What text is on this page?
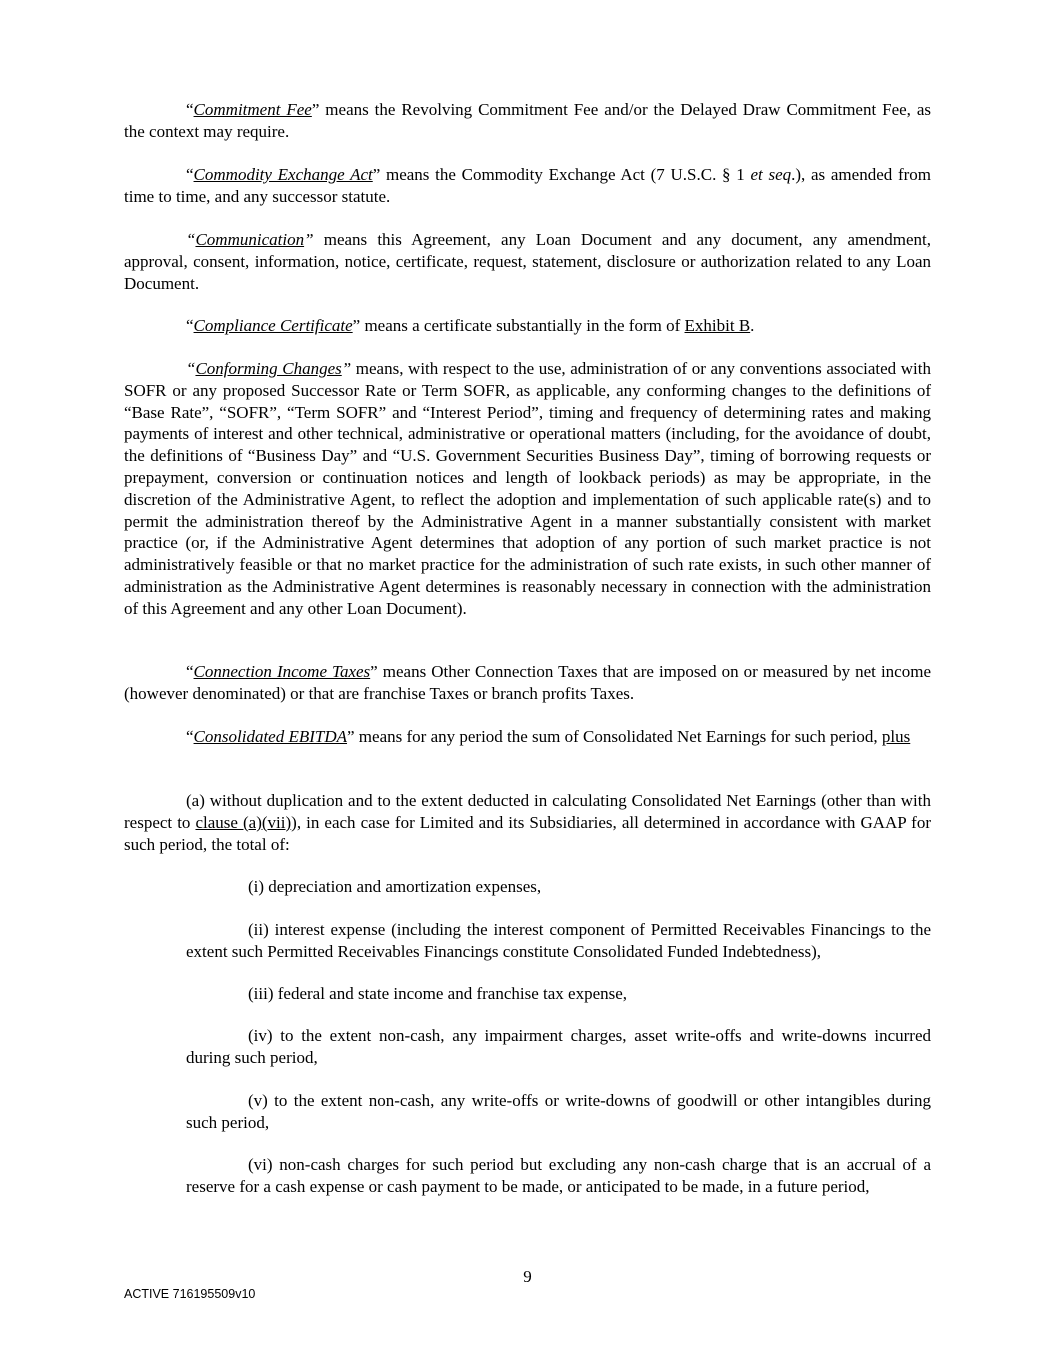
“Commitment Fee” means the Revolving Commitment Fee and/or the Delayed Draw Commitment Fee, as the context may require.

“Commodity Exchange Act” means the Commodity Exchange Act (7 U.S.C. § 1 et seq.), as amended from time to time, and any successor statute.

“Communication” means this Agreement, any Loan Document and any document, any amendment, approval, consent, information, notice, certificate, request, statement, disclosure or authorization related to any Loan Document.

“Compliance Certificate” means a certificate substantially in the form of Exhibit B.

“Conforming Changes” means, with respect to the use, administration of or any conventions associated with SOFR or any proposed Successor Rate or Term SOFR, as applicable, any conforming changes to the definitions of “Base Rate”, “SOFR”, “Term SOFR” and “Interest Period”, timing and frequency of determining rates and making payments of interest and other technical, administrative or operational matters (including, for the avoidance of doubt, the definitions of “Business Day” and “U.S. Government Securities Business Day”, timing of borrowing requests or prepayment, conversion or continuation notices and length of lookback periods) as may be appropriate, in the discretion of the Administrative Agent, to reflect the adoption and implementation of such applicable rate(s) and to permit the administration thereof by the Administrative Agent in a manner substantially consistent with market practice (or, if the Administrative Agent determines that adoption of any portion of such market practice is not administratively feasible or that no market practice for the administration of such rate exists, in such other manner of administration as the Administrative Agent determines is reasonably necessary in connection with the administration of this Agreement and any other Loan Document).

“Connection Income Taxes” means Other Connection Taxes that are imposed on or measured by net income (however denominated) or that are franchise Taxes or branch profits Taxes.

“Consolidated EBITDA” means for any period the sum of Consolidated Net Earnings for such period, plus

(a) without duplication and to the extent deducted in calculating Consolidated Net Earnings (other than with respect to clause (a)(vii)), in each case for Limited and its Subsidiaries, all determined in accordance with GAAP for such period, the total of:

(i) depreciation and amortization expenses,

(ii) interest expense (including the interest component of Permitted Receivables Financings to the extent such Permitted Receivables Financings constitute Consolidated Funded Indebtedness),

(iii) federal and state income and franchise tax expense,

(iv) to the extent non-cash, any impairment charges, asset write-offs and write-downs incurred during such period,

(v) to the extent non-cash, any write-offs or write-downs of goodwill or other intangibles during such period,

(vi) non-cash charges for such period but excluding any non-cash charge that is an accrual of a reserve for a cash expense or cash payment to be made, or anticipated to be made, in a future period,

9

ACTIVE 716195509v10
